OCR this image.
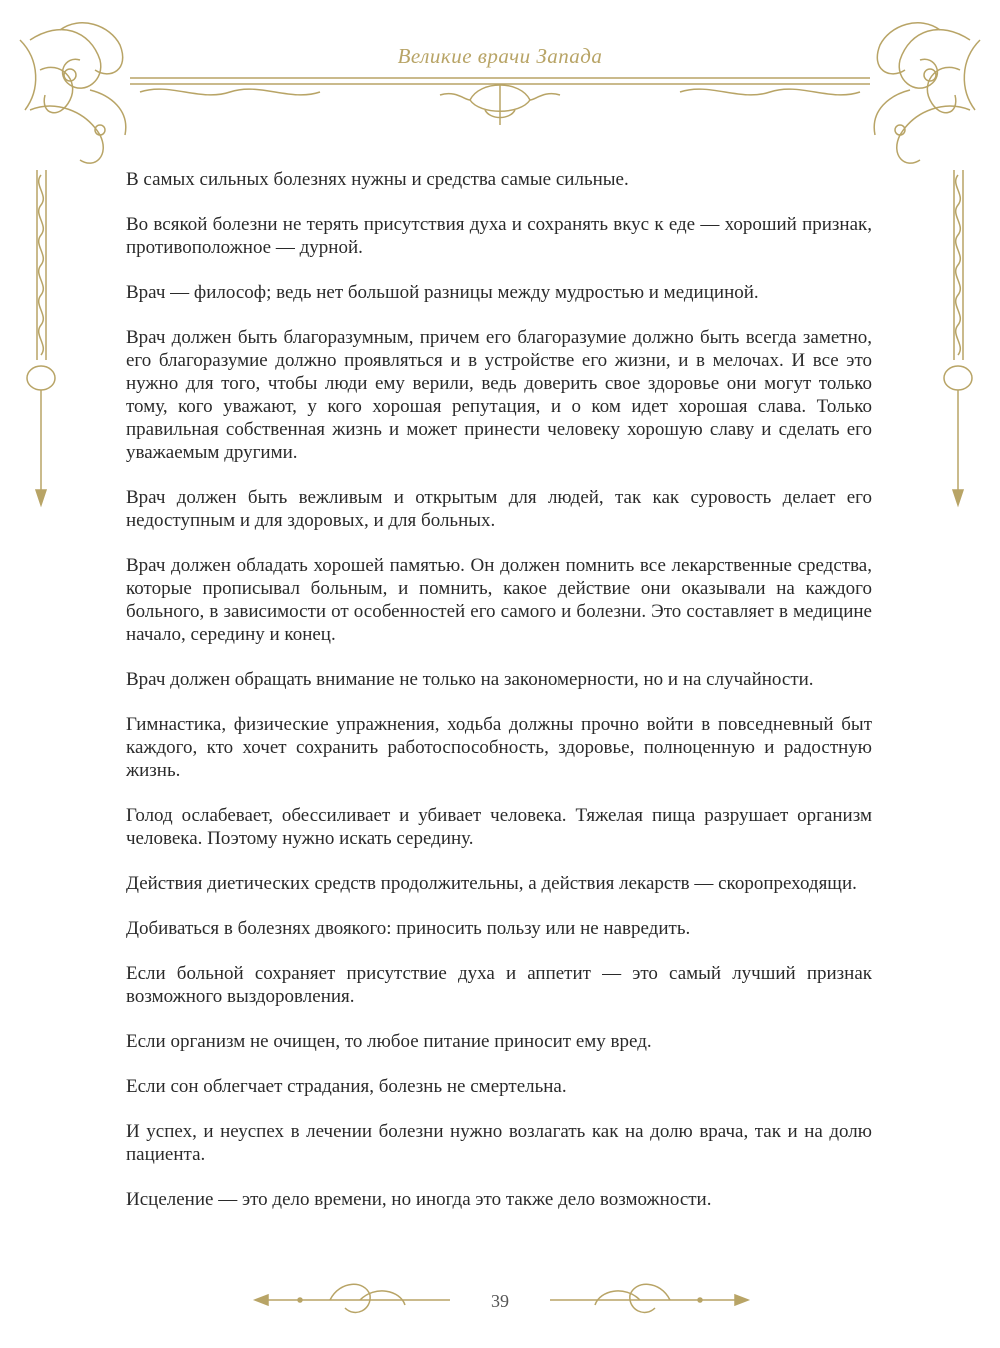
Великие врачи Запада

В самых сильных болезнях нужны и средства самые сильные.

Во всякой болезни не терять присутствия духа и сохранять вкус к еде — хороший признак, противоположное — дурной.

Врач — философ; ведь нет большой разницы между мудростью и медициной.

Врач должен быть благоразумным, причем его благоразумие должно быть всегда заметно, его благоразумие должно проявляться и в устройстве его жизни, и в мелочах. И все это нужно для того, чтобы люди ему верили, ведь доверить свое здоровье они могут только тому, кого уважают, у кого хорошая репутация, и о ком идет хорошая слава. Только правильная собственная жизнь и может принести человеку хорошую славу и сделать его уважаемым другими.

Врач должен быть вежливым и открытым для людей, так как суровость делает его недоступным и для здоровых, и для больных.

Врач должен обладать хорошей памятью. Он должен помнить все лекарственные средства, которые прописывал больным, и помнить, какое действие они оказывали на каждого больного, в зависимости от особенностей его самого и болезни. Это составляет в медицине начало, середину и конец.

Врач должен обращать внимание не только на закономерности, но и на случайности.

Гимнастика, физические упражнения, ходьба должны прочно войти в повседневный быт каждого, кто хочет сохранить работоспособность, здоровье, полноценную и радостную жизнь.

Голод ослабевает, обессиливает и убивает человека. Тяжелая пища разрушает организм человека. Поэтому нужно искать середину.

Действия диетических средств продолжительны, а действия лекарств — скоропреходящи.

Добиваться в болезнях двоякого: приносить пользу или не навредить.

Если больной сохраняет присутствие духа и аппетит — это самый лучший признак возможного выздоровления.

Если организм не очищен, то любое питание приносит ему вред.

Если сон облегчает страдания, болезнь не смертельна.

И успех, и неуспех в лечении болезни нужно возлагать как на долю врача, так и на долю пациента.

Исцеление — это дело времени, но иногда это также дело возможности.

39
